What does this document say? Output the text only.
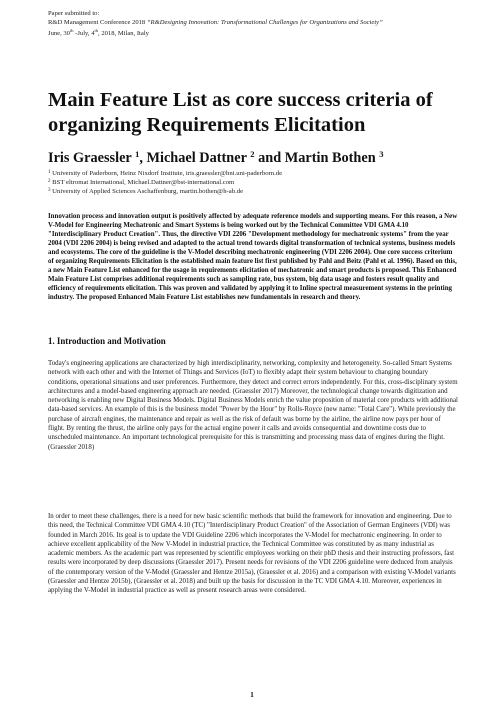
Paper submitted to:
R&D Management Conference 2018 “R&Designing Innovation: Transformational Challenges for Organizations and Society”
June, 30th -July, 4th, 2018, Milan, Italy
Main Feature List as core success criteria of organizing Requirements Elicitation
Iris Graessler $^1$, Michael Dattner $^2$ and Martin Bothen $^3$
$^1$ University of Paderborn, Heinz Nixdorf Institute, iris.graessler@hni.uni-paderborn.de
$^2$ BST eltromat International, Michael.Dattner@bst-international.com
$^3$ University of Applied Sciences Aschaffenburg, martin.bothen@h-ab.de

Innovation process and innovation output is positively affected by adequate reference models and supporting means. For this reason, a New V-Model for Engineering Mechatronic and Smart Systems is being worked out by the Technical Committee VDI GMA 4.10 "Interdisciplinary Product Creation". Thus, the directive VDI 2206 "Development methodology for mechatronic systems" from the year 2004 (VDI 2206 2004) is being revised and adapted to the actual trend towards digital transformation of technical systems, business models and ecosystems. The core of the guideline is the V-Model describing mechatronic engineering (VDI 2206 2004). One core success criterium of organizing Requirements Elicitation is the established main feature list first published by Pahl and Beitz (Pahl et al. 1996). Based on this, a new Main Feature List enhanced for the usage in requirements elicitation of mechatronic and smart products is proposed. This Enhanced Main Feature List comprises additional requirements such as sampling rate, bus system, big data usage and fosters result quality and efficiency of requirements elicitation. This was proven and validated by applying it to Inline spectral measurement systems in the printing industry. The proposed Enhanced Main Feature List establishes new fundamentals in research and theory.

1. Introduction and Motivation

Today's engineering applications are characterized by high interdisciplinarity, networking, complexity and heterogeneity. So-called Smart Systems network with each other and with the Internet of Things and Services (IoT) to flexibly adapt their system behaviour to changing boundary conditions, operational situations and user preferences. Furthermore, they detect and correct errors independently. For this, cross-disciplinary system architectures and a model-based engineering approach are needed. (Graessler 2017) Moreover, the technological change towards digitization and networking is enabling new Digital Business Models. Digital Business Models enrich the value proposition of material core products with additional data-based services. An example of this is the business model "Power by the Hour" by Rolls-Royce (new name: "Total Care"). While previously the purchase of aircraft engines, the maintenance and repair as well as the risk of default was borne by the airline, the airline now pays per hour of flight. By renting the thrust, the airline only pays for the actual engine power it calls and avoids consequential and downtime costs due to unscheduled maintenance. An important technological prerequisite for this is transmitting and processing mass data of engines during the flight. (Graessler 2018)

In order to meet these challenges, there is a need for new basic scientific methods that build the framework for innovation and engineering. Due to this need, the Technical Committee VDI GMA 4.10 (TC) "Interdisciplinary Product Creation" of the Association of German Engineers (VDI) was founded in March 2016. Its goal is to update the VDI Guideline 2206 which incorporates the V-Model for mechatronic engineering. In order to achieve excellent applicability of the New V-Model in industrial practice, the Technical Committee was constituted by as many industrial as academic members. As the academic part was represented by scientific employees working on their phD thesis and their instructing professors, fast results were incorporated by deep discussions (Graessler 2017). Present needs for revisions of the VDI 2206 guideline were deduced from analysis of the contemporary version of the V-Model (Graessler and Hentze 2015a), (Graessler et al. 2016) and a comparison with existing V-Model variants (Graessler and Hentze 2015b), (Graessler et al. 2018) and built up the basis for discussion in the TC VDI GMA 4.10. Moreover, experiences in applying the V-Model in industrial practice as well as present research areas were considered.

1
